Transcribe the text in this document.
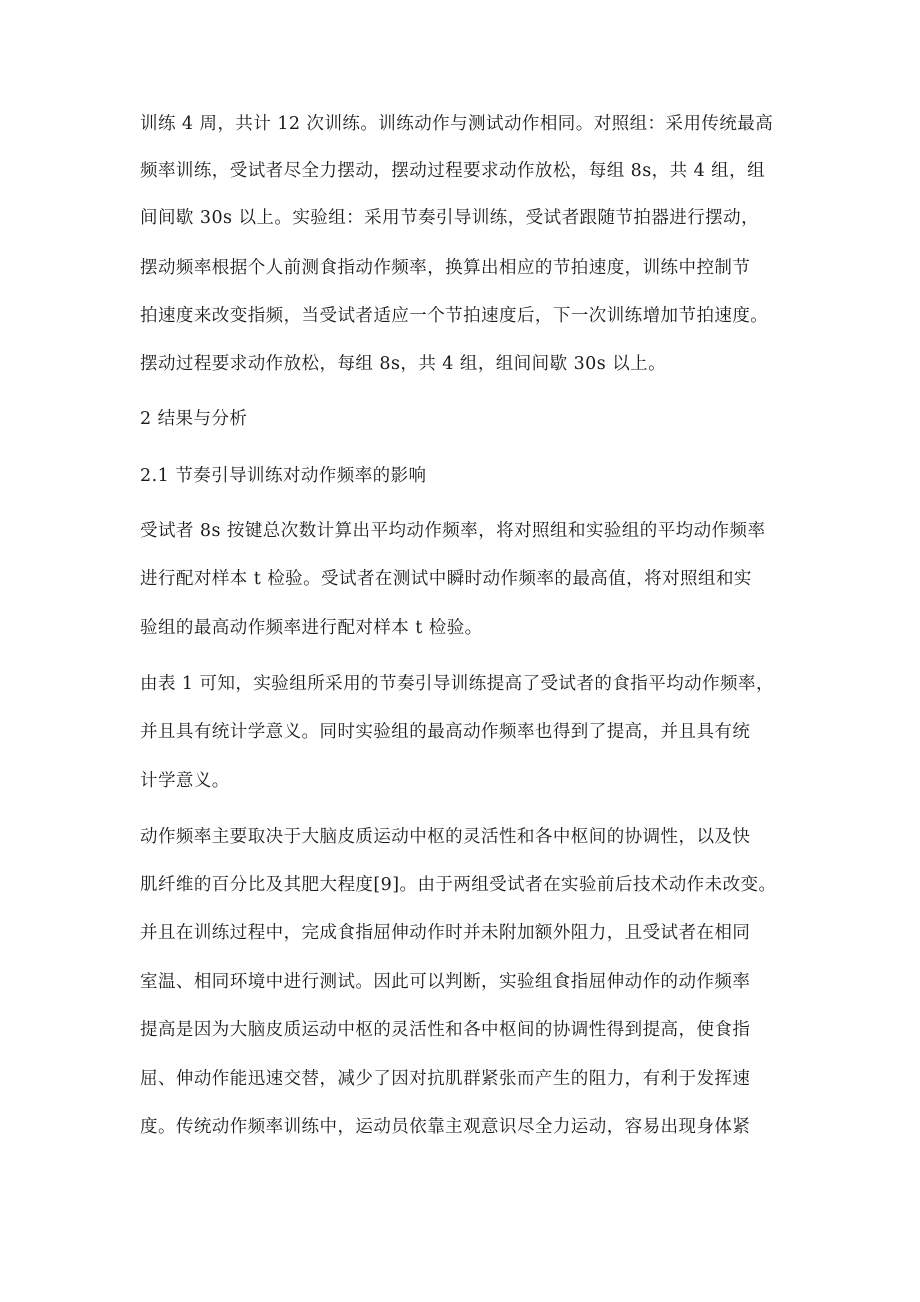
训练 4 周，共计 12 次训练。训练动作与测试动作相同。对照组：采用传统最高
频率训练，受试者尽全力摆动，摆动过程要求动作放松，每组 8s，共 4 组，组
间间歇 30s 以上。实验组：采用节奏引导训练，受试者跟随节拍器进行摆动，
摆动频率根据个人前测食指动作频率，换算出相应的节拍速度，训练中控制节
拍速度来改变指频，当受试者适应一个节拍速度后，下一次训练增加节拍速度。
摆动过程要求动作放松，每组 8s，共 4 组，组间间歇 30s 以上。
2 结果与分析
2.1 节奏引导训练对动作频率的影响
受试者 8s 按键总次数计算出平均动作频率，将对照组和实验组的平均动作频率
进行配对样本 t 检验。受试者在测试中瞬时动作频率的最高值，将对照组和实
验组的最高动作频率进行配对样本 t 检验。
由表 1 可知，实验组所采用的节奏引导训练提高了受试者的食指平均动作频率，
并且具有统计学意义。同时实验组的最高动作频率也得到了提高，并且具有统
计学意义。
动作频率主要取决于大脑皮质运动中枢的灵活性和各中枢间的协调性，以及快
肌纤维的百分比及其肥大程度[9]。由于两组受试者在实验前后技术动作未改变。
并且在训练过程中，完成食指屈伸动作时并未附加额外阻力，且受试者在相同
室温、相同环境中进行测试。因此可以判断，实验组食指屈伸动作的动作频率
提高是因为大脑皮质运动中枢的灵活性和各中枢间的协调性得到提高，使食指
屈、伸动作能迅速交替，减少了因对抗肌群紧张而产生的阻力，有利于发挥速
度。传统动作频率训练中，运动员依靠主观意识尽全力运动，容易出现身体紧
